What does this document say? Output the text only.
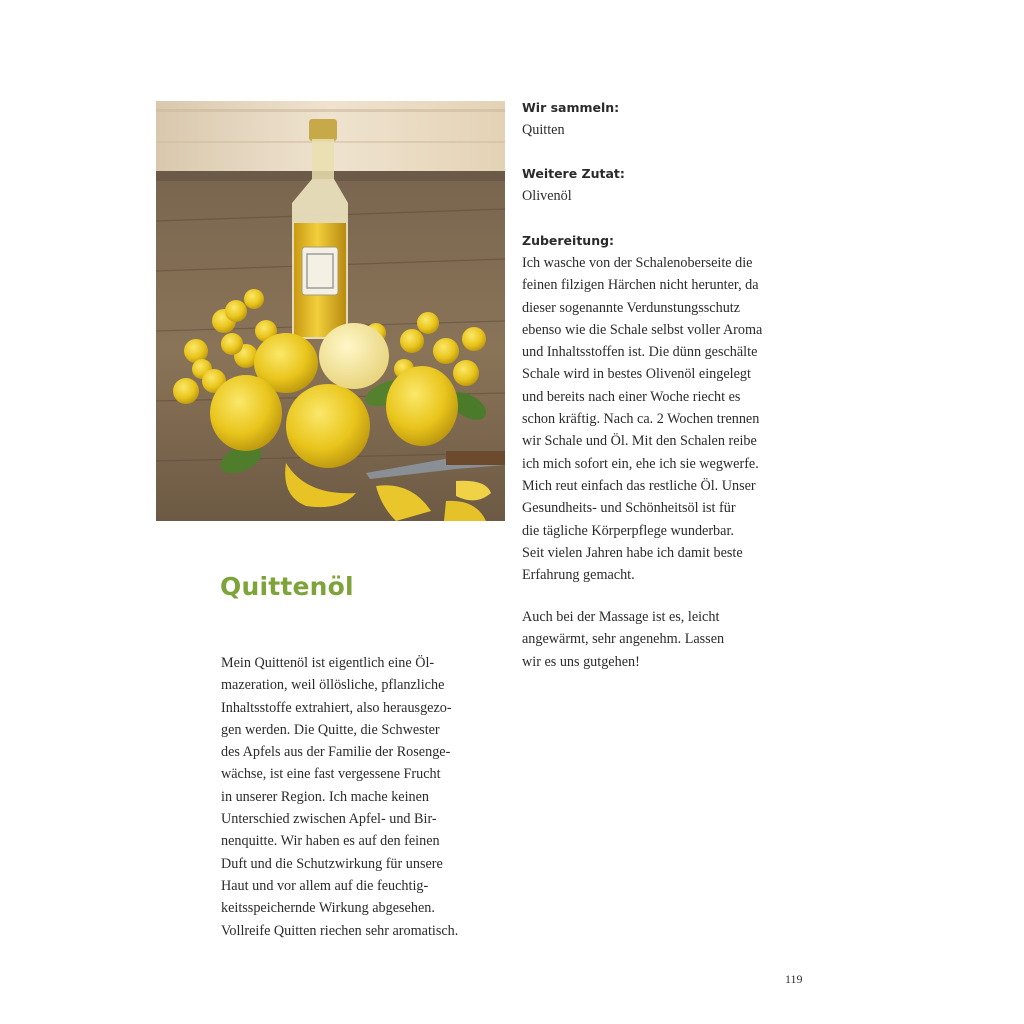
Quittenöl
Mein Quittenöl ist eigentlich eine Öl-
mazeration, weil öllösliche, pflanzliche
Inhaltsstoffe extrahiert, also herausgezo-
gen werden. Die Quitte, die Schwester
des Apfels aus der Familie der Rosenge-
wächse, ist eine fast vergessene Frucht
in unserer Region. Ich mache keinen
Unterschied zwischen Apfel- und Bir-
nenquitte. Wir haben es auf den feinen
Duft und die Schutzwirkung für unsere
Haut und vor allem auf die feuchtig-
keitsspeichernde Wirkung abgesehen.
Vollreife Quitten riechen sehr aromatisch.
Wir sammeln:
Quitten
Weitere Zutat:
Olivenöl
Zubereitung:
Ich wasche von der Schalenoberseite die
feinen filzigen Härchen nicht herunter, da
dieser sogenannte Verdunstungsschutz
ebenso wie die Schale selbst voller Aroma
und Inhaltsstoffen ist. Die dünn geschälte
Schale wird in bestes Olivenöl eingelegt
und bereits nach einer Woche riecht es
schon kräftig. Nach ca. 2 Wochen trennen
wir Schale und Öl. Mit den Schalen reibe
ich mich sofort ein, ehe ich sie wegwerfe.
Mich reut einfach das restliche Öl. Unser
Gesundheits- und Schönheitsöl ist für
die tägliche Körperpflege wunderbar.
Seit vielen Jahren habe ich damit beste
Erfahrung gemacht.
Auch bei der Massage ist es, leicht
angewärmt, sehr angenehm. Lassen
wir es uns gutgehen!
119
